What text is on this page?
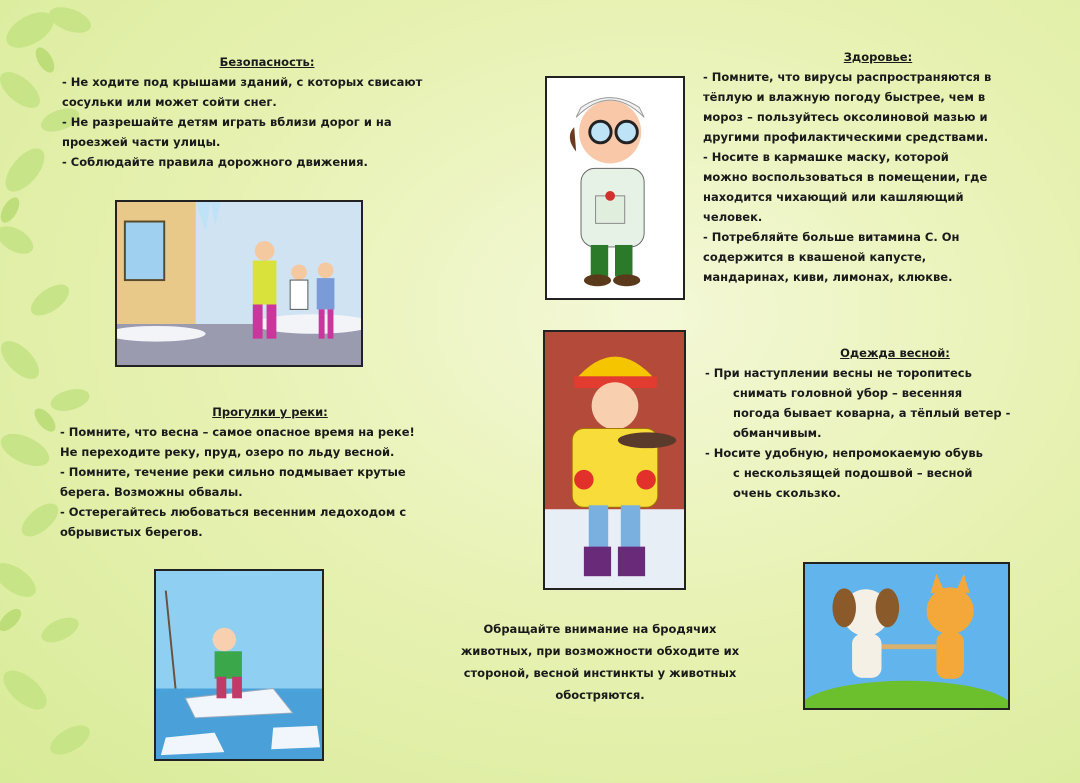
Безопасность:
- Не ходите под крышами зданий, с которых свисают
сосульки или может сойти снег.
- Не разрешайте детям играть вблизи дорог и на
проезжей части улицы.
- Соблюдайте правила дорожного движения.
Здоровье:
- Помните, что вирусы распространяются в
тёплую и влажную погоду быстрее, чем в
мороз – пользуйтесь оксолиновой мазью и
другими профилактическими средствами.
- Носите в кармашке маску, которой
можно воспользоваться в помещении, где
находится чихающий или кашляющий
человек.
- Потребляйте больше витамина С. Он
содержится в квашеной капусте,
мандаринах, киви, лимонах, клюкве.
Одежда весной:
- При наступлении весны не торопитесь
снимать головной убор – весенняя
погода бывает коварна, а тёплый ветер -
обманчивым.
- Носите удобную, непромокаемую обувь
с нескользящей подошвой – весной
очень скользко.
Прогулки у реки:
- Помните, что весна – самое опасное время на реке!
Не переходите реку, пруд, озеро по льду весной.
- Помните, течение реки сильно подмывает крутые
берега. Возможны обвалы.
- Остерегайтесь любоваться весенним ледоходом с
обрывистых берегов.
Обращайте внимание на бродячих
животных, при возможности обходите их
стороной, весной инстинкты у животных
обостряются.
